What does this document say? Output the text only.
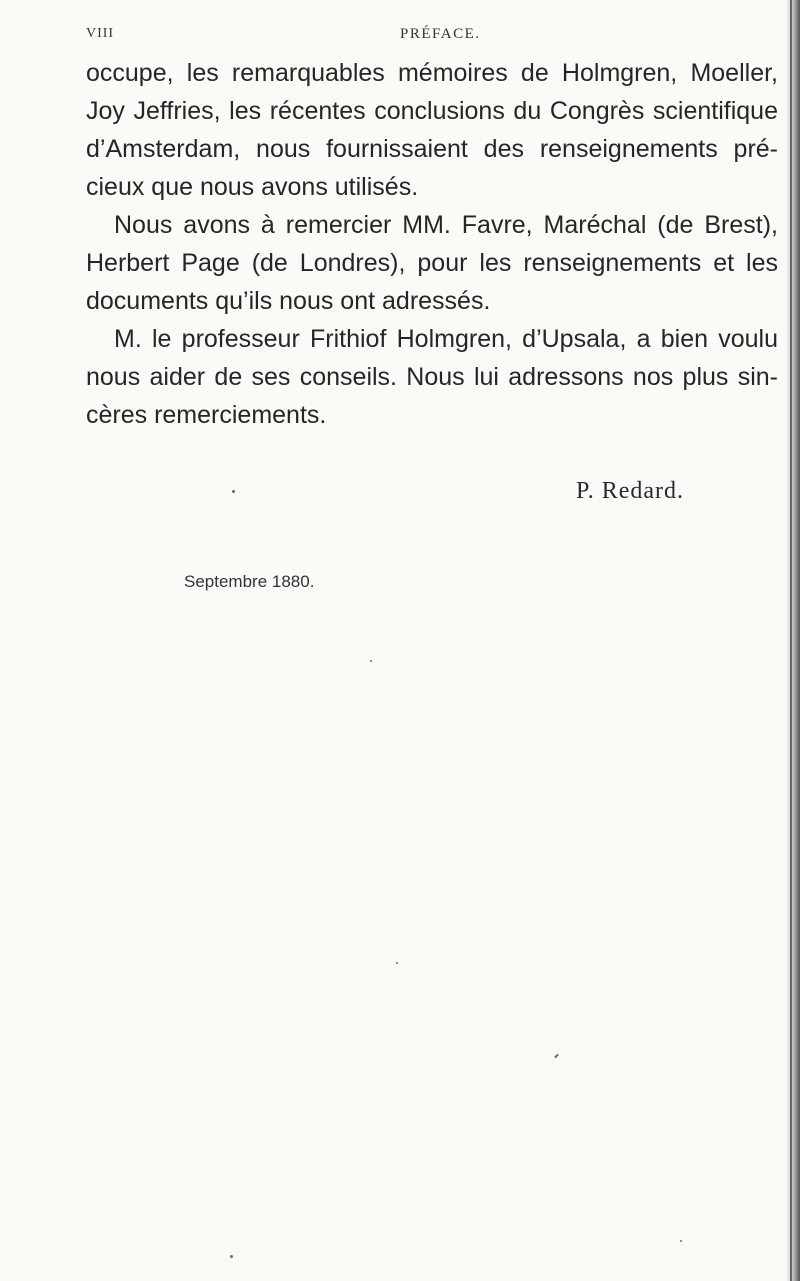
VIII	PRÉFACE.
occupe, les remarquables mémoires de Holmgren, Moeller,
Joy Jeffries, les récentes conclusions du Congrès scientifique
d’Amsterdam, nous fournissaient des renseignements pré-
cieux que nous avons utilisés.
Nous avons à remercier MM. Favre, Maréchal (de Brest),
Herbert Page (de Londres), pour les renseignements et les
documents qu’ils nous ont adressés.
M. le professeur Frithiof Holmgren, d’Upsala, a bien voulu
nous aider de ses conseils. Nous lui adressons nos plus sin-
cères remerciements.
P. Redard.
Septembre 1880.
